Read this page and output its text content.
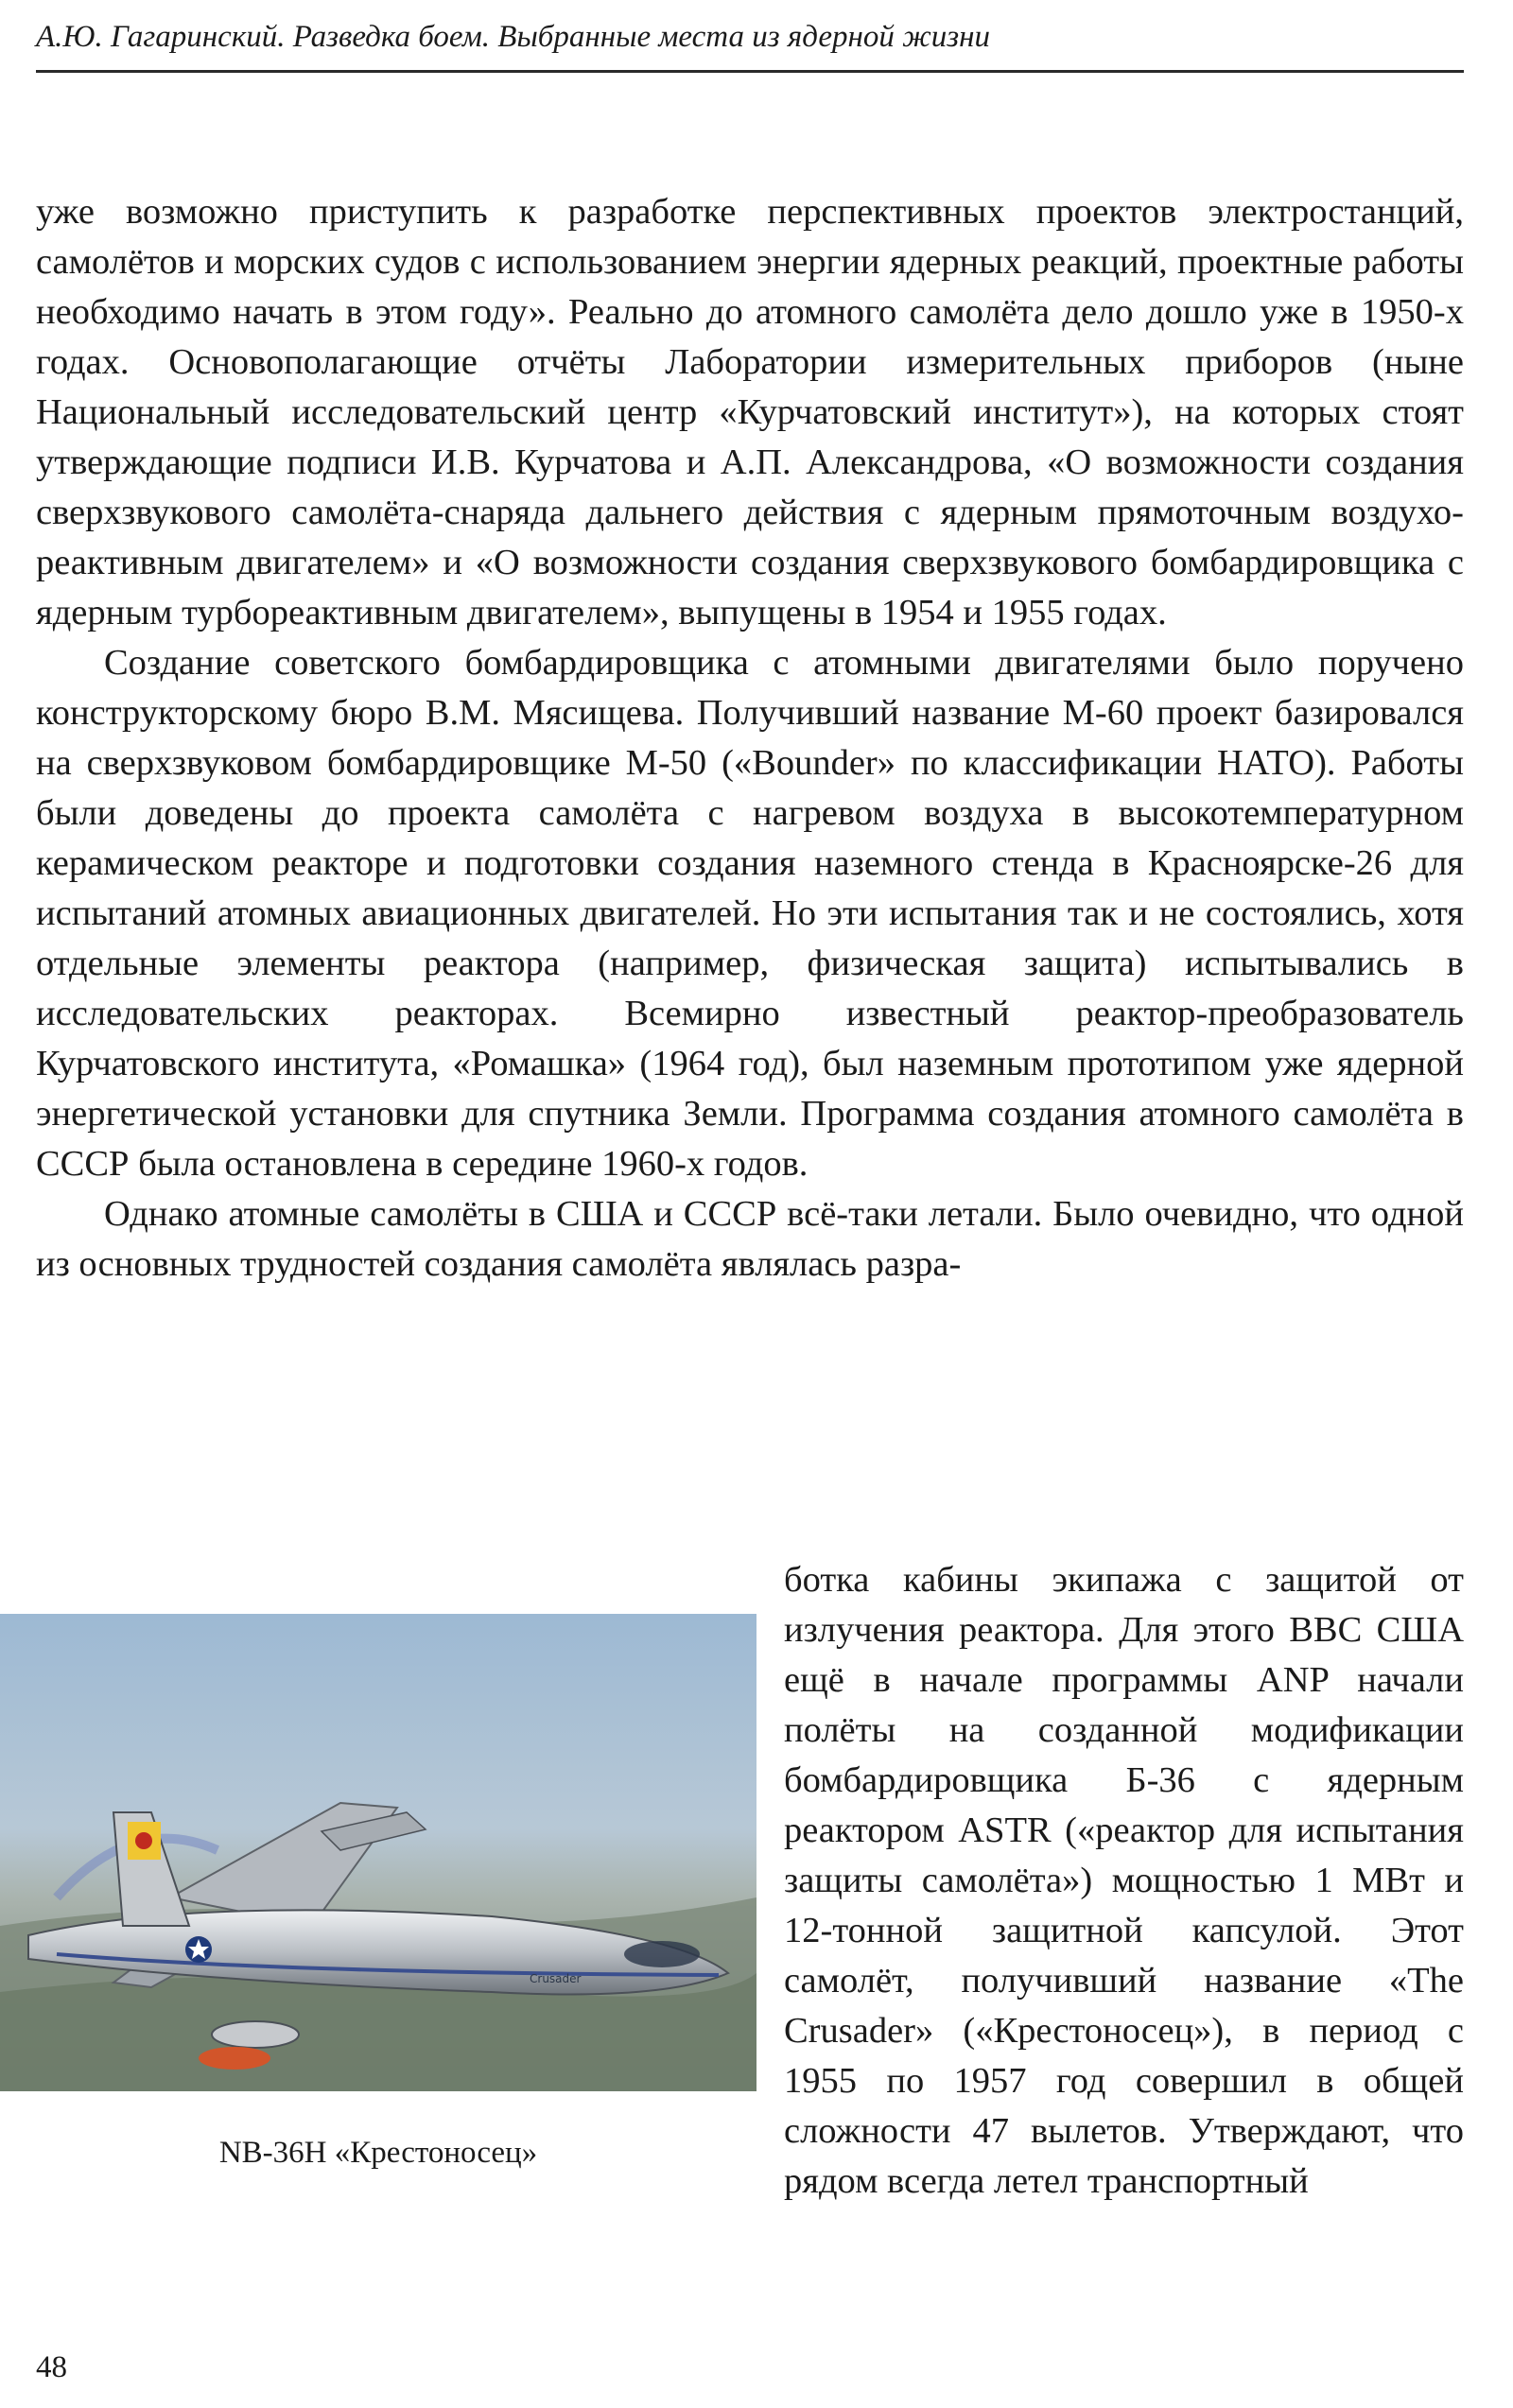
А.Ю. Гагаринский. Разведка боем. Выбранные места из ядерной жизни

уже возможно приступить к разработке перспективных проектов электростанций, самолётов и морских судов с использованием энергии ядерных реакций, проектные работы необходимо начать в этом году». Реально до атомного самолёта дело дошло уже в 1950-х годах. Основополагающие отчёты Лаборатории измерительных приборов (ныне Национальный исследовательский центр «Курчатовский институт»), на которых стоят утверждающие подписи И.В. Курчатова и А.П. Александрова, «О возможности создания сверхзвукового самолёта-снаряда дальнего действия с ядерным прямоточным воздухо-реактивным двигателем» и «О возможности создания сверхзвукового бомбардировщика с ядерным турбореактивным двигателем», выпущены в 1954 и 1955 годах.

Создание советского бомбардировщика с атомными двигателями было поручено конструкторскому бюро В.М. Мясищева. Получивший название М-60 проект базировался на сверхзвуковом бомбардировщике М-50 («Bounder» по классификации НАТО). Работы были доведены до проекта самолёта с нагревом воздуха в высокотемпературном керамическом реакторе и подготовки создания наземного стенда в Красноярске-26 для испытаний атомных авиационных двигателей. Но эти испытания так и не состоялись, хотя отдельные элементы реактора (например, физическая защита) испытывались в исследовательских реакторах. Всемирно известный реактор-преобразователь Курчатовского института, «Ромашка» (1964 год), был наземным прототипом уже ядерной энергетической установки для спутника Земли. Программа создания атомного самолёта в СССР была остановлена в середине 1960-х годов.

Однако атомные самолёты в США и СССР всё-таки летали. Было очевидно, что одной из основных трудностей создания самолёта являлась разра-

Crusader

ботка кабины экипажа с защитой от излучения реактора. Для этого ВВС США ещё в начале программы ANP начали полёты на созданной модификации бомбардировщика Б-36 с ядерным реактором ASTR («реактор для испытания защиты самолёта») мощностью 1 МВт и 12-тонной защитной капсулой. Этот самолёт, получивший название «The Crusader» («Крестоносец»), в период с 1955 по 1957 год совершил в общей сложности 47 вылетов. Утверждают, что рядом всегда летел транспортный

NB-36H «Крестоносец»
48
